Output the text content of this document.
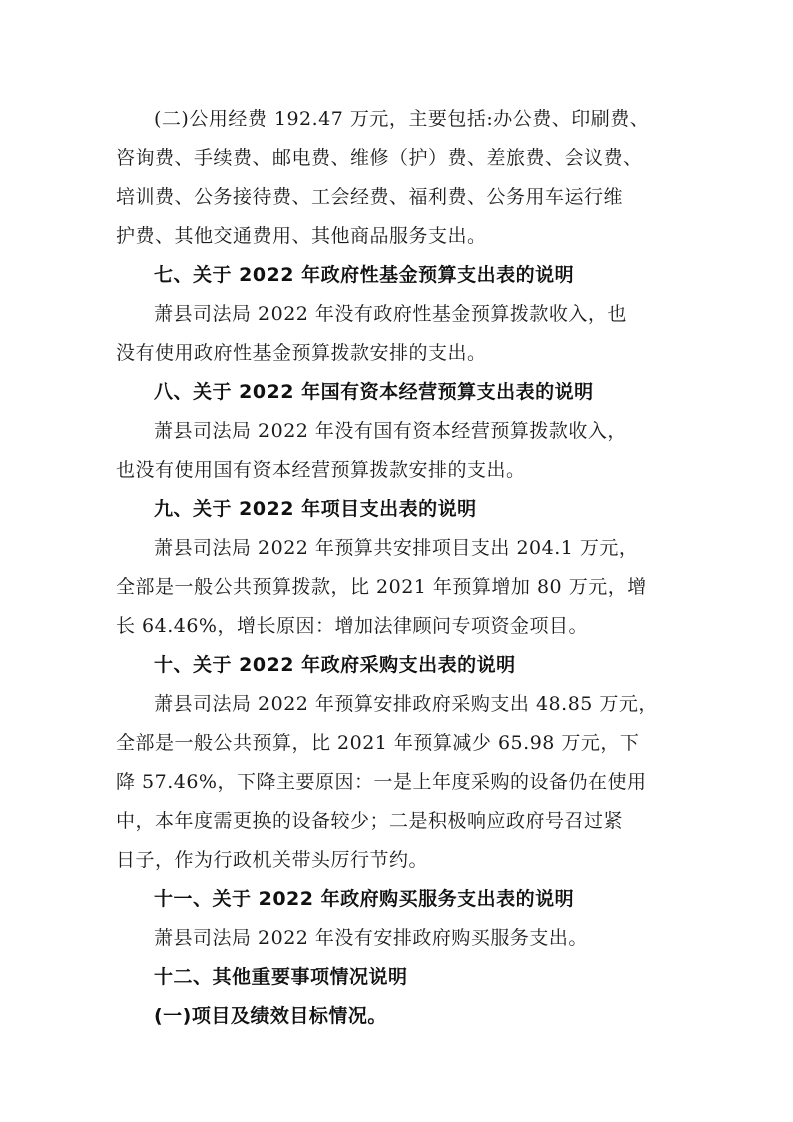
(二)公用经费 192.47 万元，主要包括:办公费、印刷费、
咨询费、手续费、邮电费、维修（护）费、差旅费、会议费、
培训费、公务接待费、工会经费、福利费、公务用车运行维
护费、其他交通费用、其他商品服务支出。

七、关于 2022 年政府性基金预算支出表的说明

萧县司法局 2022 年没有政府性基金预算拨款收入，也
没有使用政府性基金预算拨款安排的支出。

八、关于 2022 年国有资本经营预算支出表的说明

萧县司法局 2022 年没有国有资本经营预算拨款收入，
也没有使用国有资本经营预算拨款安排的支出。

九、关于 2022 年项目支出表的说明

萧县司法局 2022 年预算共安排项目支出 204.1 万元，
全部是一般公共预算拨款，比 2021 年预算增加 80 万元，增
长 64.46%，增长原因：增加法律顾问专项资金项目。

十、关于 2022 年政府采购支出表的说明

萧县司法局 2022 年预算安排政府采购支出 48.85 万元，
全部是一般公共预算，比 2021 年预算减少 65.98 万元，下
降 57.46%，下降主要原因：一是上年度采购的设备仍在使用
中，本年度需更换的设备较少；二是积极响应政府号召过紧
日子，作为行政机关带头厉行节约。

十一、关于 2022 年政府购买服务支出表的说明

萧县司法局 2022 年没有安排政府购买服务支出。

十二、其他重要事项情况说明
(一)项目及绩效目标情况。
